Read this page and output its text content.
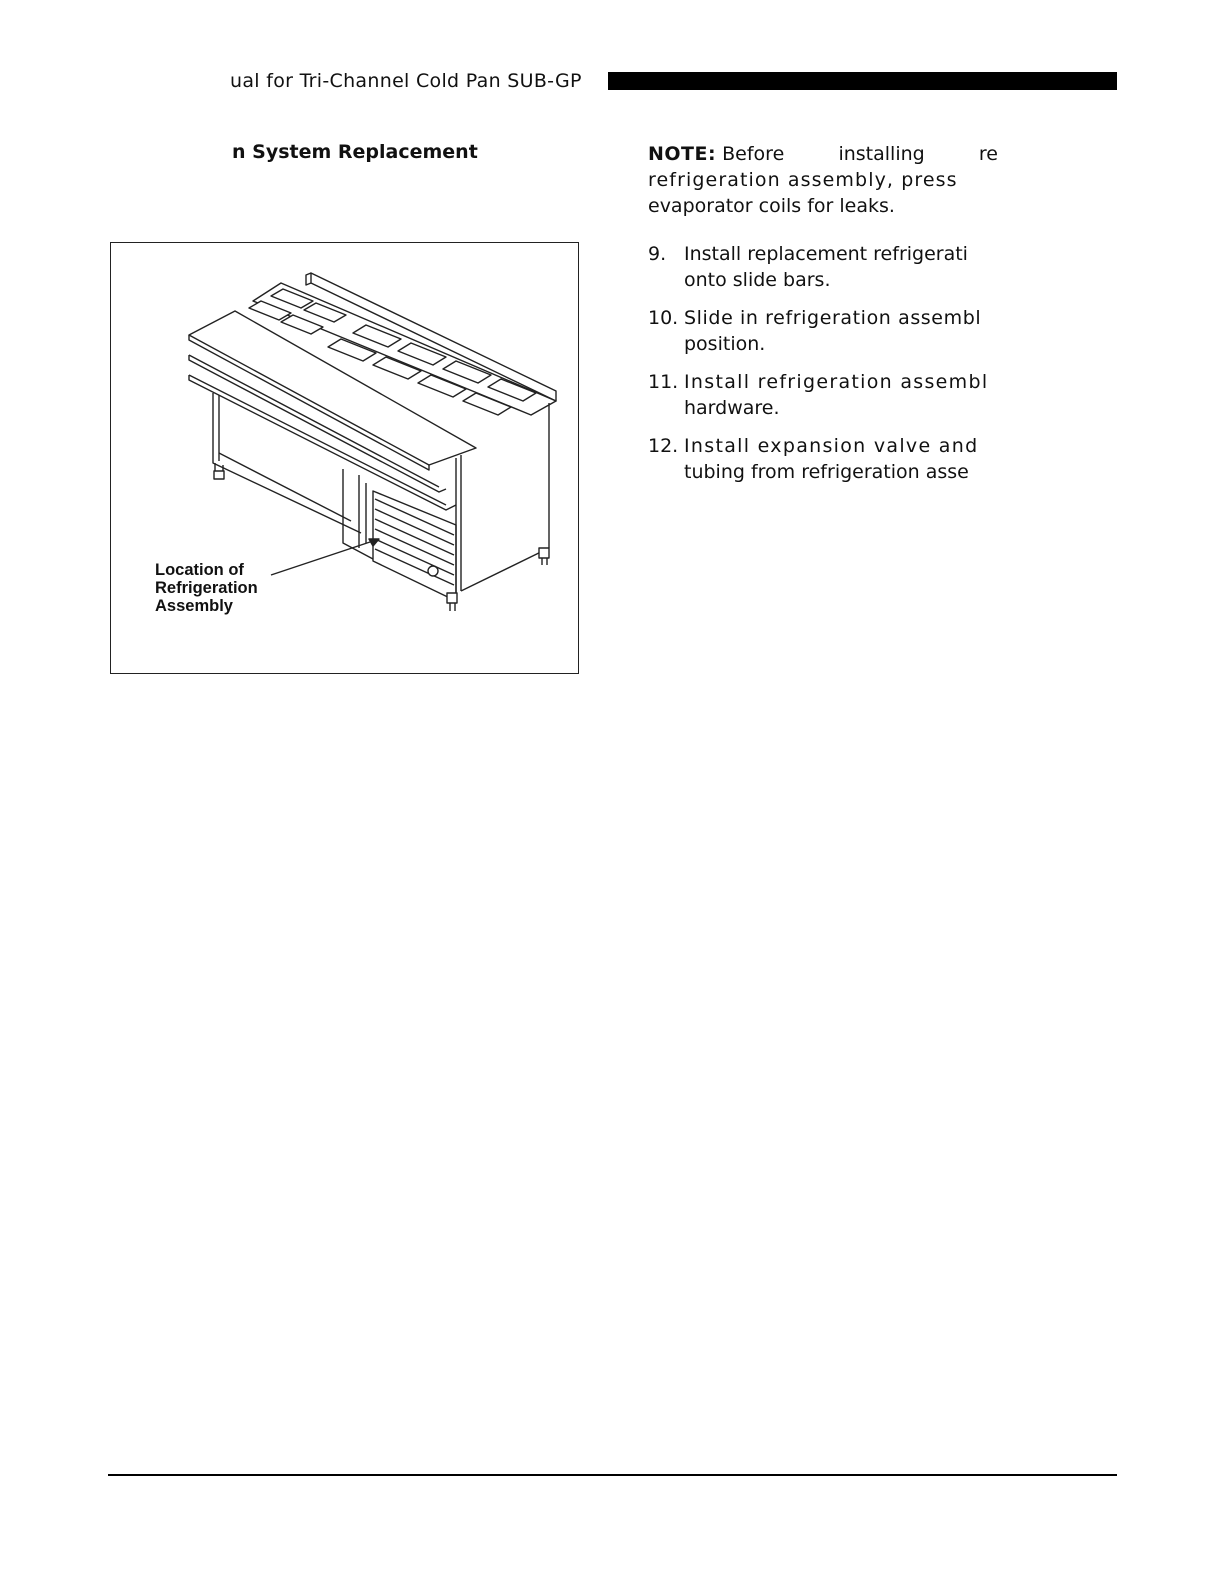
ual for Tri-Channel Cold Pan SUB-GP
n System Replacement
Location of
Refrigeration
Assembly
NOTE: Before	installing	re
refrigeration assembly, press
evaporator coils for leaks.
9. Install replacement refrigerati
onto slide bars.
10. Slide in refrigeration assembl
position.
11. Install refrigeration assembl
hardware.
12. Install expansion valve and
tubing from refrigeration asse
